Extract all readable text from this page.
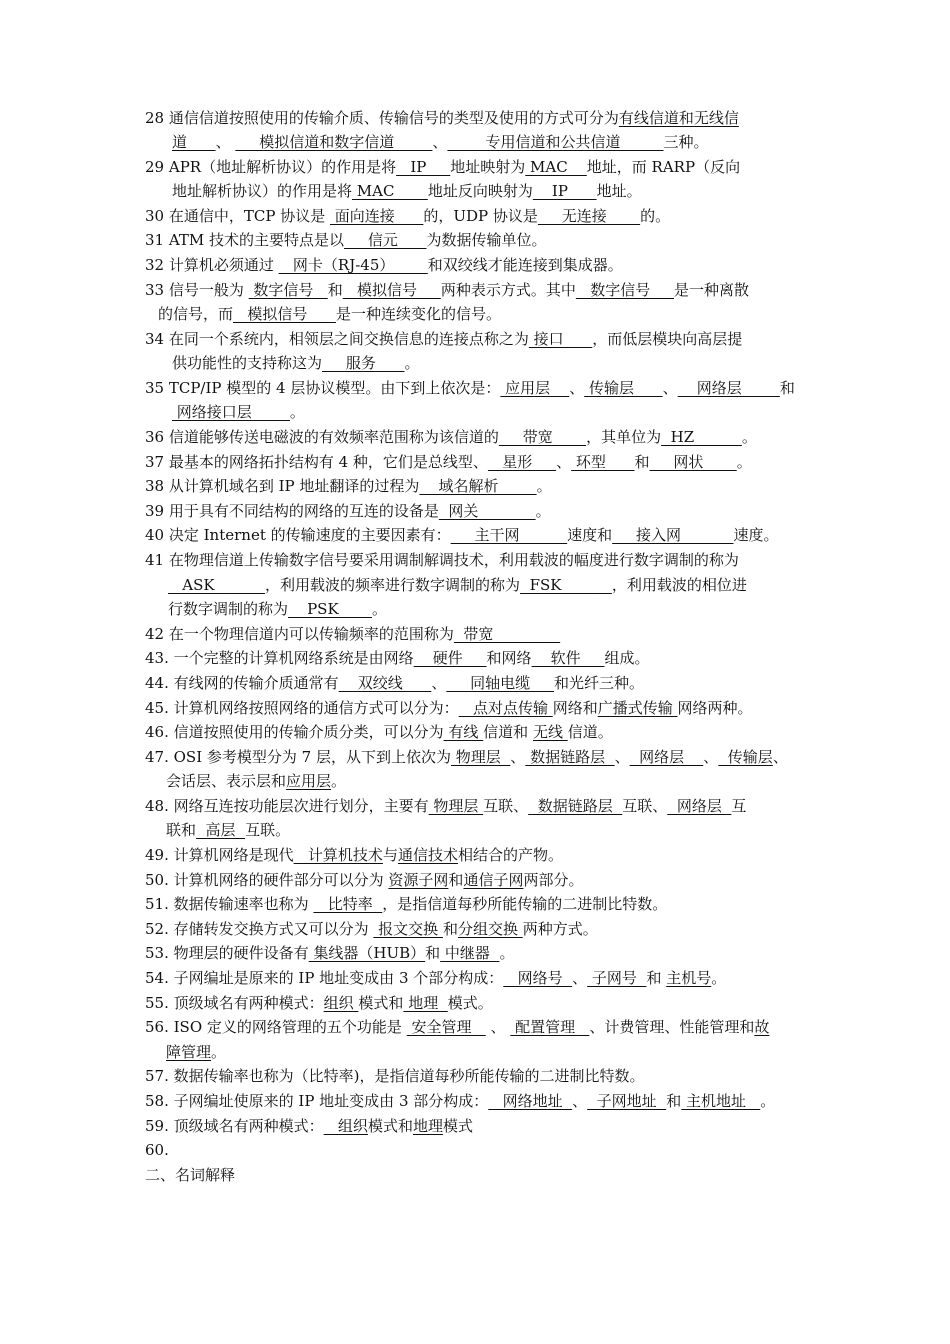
28 通信信道按照使用的传输介质、传输信号的类型及使用的方式可分为有线信道和无线信
道      、      模拟信道和数字信道        、        专用信道和公共信道         三种。
29 APR（地址解析协议）的作用是将   IP     地址映射为 MAC    地址，而 RARP（反向
地址解析协议）的作用是将 MAC       地址反向映射为    IP      地址。
30 在通信中，TCP 协议是  面向连接      的，UDP 协议是     无连接       的。
31 ATM 技术的主要特点是以     信元      为数据传输单位。
32 计算机必须通过    网卡（RJ-45）       和双绞线才能连接到集成器。
33 信号一般为  数字信号   和   模拟信号     两种表示方式。其中   数字信号     是一种离散
的信号，而   模拟信号      是一种连续变化的信号。
34 在同一个系统内，相领层之间交换信息的连接点称之为 接口      ，而低层模块向高层提
供功能性的支持称这为     服务      。
35 TCP/IP 模型的 4 层协议模型。由下到上依次是： 应用层    、 传输层      、    网络层        和
网络接口层        。
36 信道能够传送电磁波的有效频率范围称为该信道的     带宽       ，其单位为  HZ          。
37 最基本的网络拓扑结构有 4 种，它们是总线型、   星形     、 环型      和     网状       。
38 从计算机域名到 IP 地址翻译的过程为    域名解析        。
39 用于具有不同结构的网络的互连的设备是  网关            。
40 决定 Internet 的传输速度的主要因素有：     主干网          速度和     接入网           速度。
41 在物理信道上传输数字信号要采用调制解调技术，利用载波的幅度进行数字调制的称为
ASK  _       ，利用载波的频率进行数字调制的称为  FSK      _   ，利用载波的相位进
行数字调制的称为    PSK       。
42 在一个物理信道内可以传输频率的范围称为  带宽
43. 一个完整的计算机网络系统是由网络    硬件     和网络    软件     组成。
44. 有线网的传输介质通常有    双绞线      、     同轴电缆     和光纤三种。
45. 计算机网络按照网络的通信方式可以分为：   点对点传输 网络和广播式传输 网络两种。
46. 信道按照使用的传输介质分类，可以分为 有线 信道和 无线 信道。
47. OSI 参考模型分为 7 层，从下到上依次为 物理层  、 数据链路层  、  网络层    、  传输层、
会话层、表示层和应用层。
48. 网络互连按功能层次进行划分，主要有 物理层 互联、  数据链路层  互联、  网络层  互
联和  高层  互联。
49. 计算机网络是现代   计算机技术与通信技术相结合的产物。
50. 计算机网络的硬件部分可以分为 资源子网和通信子网两部分。
51. 数据传输速率也称为    比特率  ，是指信道每秒所能传输的二进制比特数。
52. 存储转发交换方式又可以分为  报文交换 和分组交换 两种方式。
53. 物理层的硬件设备有 集线器（HUB）和 中继器  。
54. 子网编址是原来的 IP 地址变成由 3 个部分构成：   网络号  、 子网号  和 主机号。
55. 顶级域名有两种模式：组织 模式和 地理  模式。
56. ISO 定义的网络管理的五个功能是  安全管理    、  配置管理   、计费管理、性能管理和故
障管理。
57. 数据传输率也称为（比特率)，是指信道每秒所能传输的二进制比特数。
58. 子网编址使原来的 IP 地址变成由 3 部分构成：   网络地址  、  子网地址  和 主机地址   。
59. 顶级域名有两种模式：   组织模式和地理模式
60.
二、名词解释
